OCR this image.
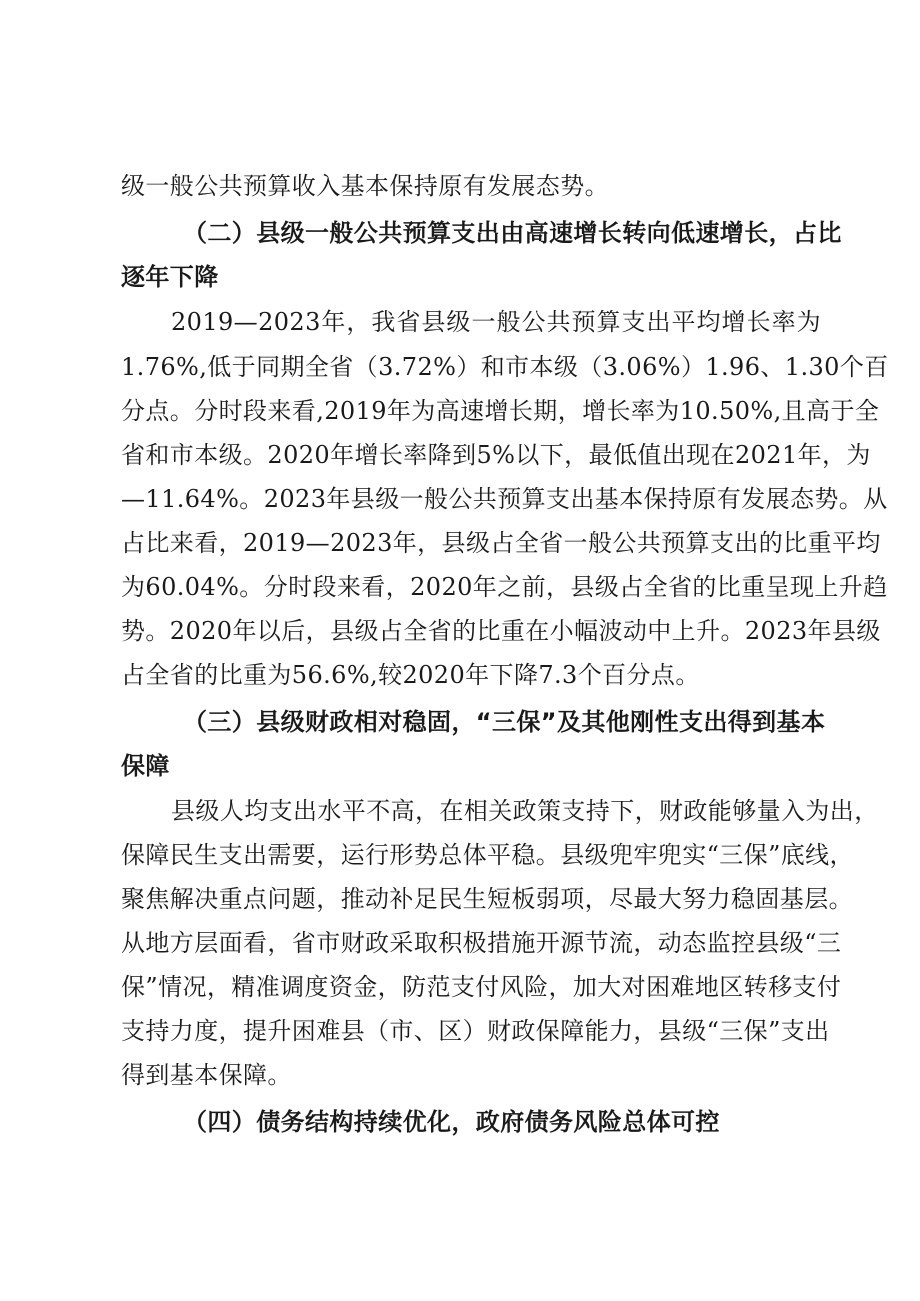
级一般公共预算收入基本保持原有发展态势。
（二）县级一般公共预算支出由高速增长转向低速增长，占比
逐年下降
2019—2023年，我省县级一般公共预算支出平均增长率为
1.76%,低于同期全省（3.72%）和市本级（3.06%）1.96、1.30个百
分点。分时段来看,2019年为高速增长期，增长率为10.50%,且高于全
省和市本级。2020年增长率降到5%以下，最低值出现在2021年，为
—11.64%。2023年县级一般公共预算支出基本保持原有发展态势。从
占比来看，2019—2023年，县级占全省一般公共预算支出的比重平均
为60.04%。分时段来看，2020年之前，县级占全省的比重呈现上升趋
势。2020年以后，县级占全省的比重在小幅波动中上升。2023年县级
占全省的比重为56.6%,较2020年下降7.3个百分点。
（三）县级财政相对稳固，“三保”及其他刚性支出得到基本
保障
县级人均支出水平不高，在相关政策支持下，财政能够量入为出，
保障民生支出需要，运行形势总体平稳。县级兜牢兜实“三保”底线，
聚焦解决重点问题，推动补足民生短板弱项，尽最大努力稳固基层。
从地方层面看，省市财政采取积极措施开源节流，动态监控县级“三
保”情况，精准调度资金，防范支付风险，加大对困难地区转移支付
支持力度，提升困难县（市、区）财政保障能力，县级“三保”支出
得到基本保障。
（四）债务结构持续优化，政府债务风险总体可控
